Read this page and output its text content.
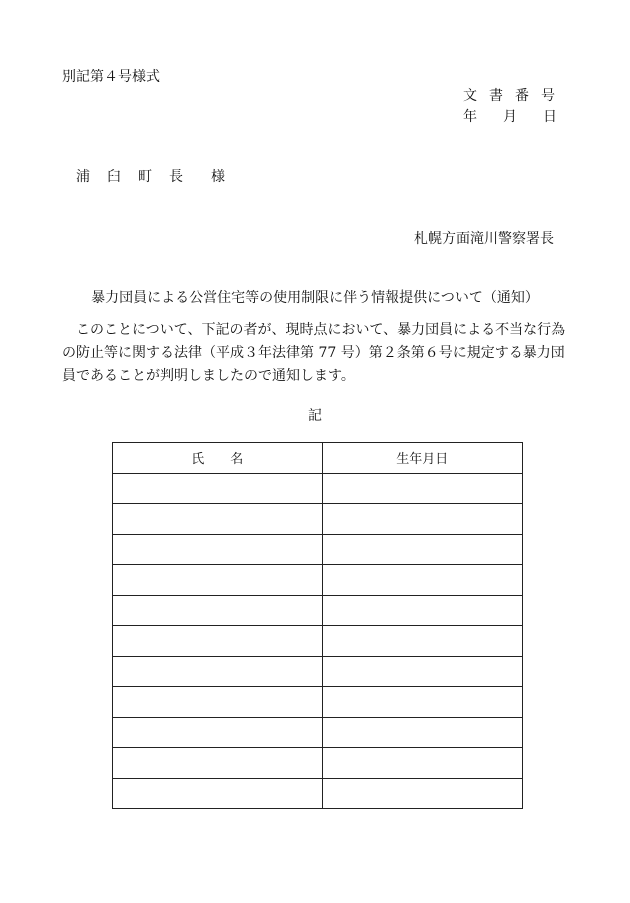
別記第４号様式
文書番号
年 月 日
浦 臼 町 長 様
札幌方面滝川警察署長
暴力団員による公営住宅等の使用制限に伴う情報提供について（通知）
このことについて、下記の者が、現時点において、暴力団員による不当な行為の防止等に関する法律（平成３年法律第 77 号）第２条第６号に規定する暴力団員であることが判明しましたので通知します。
記
氏　　名	生年月日
